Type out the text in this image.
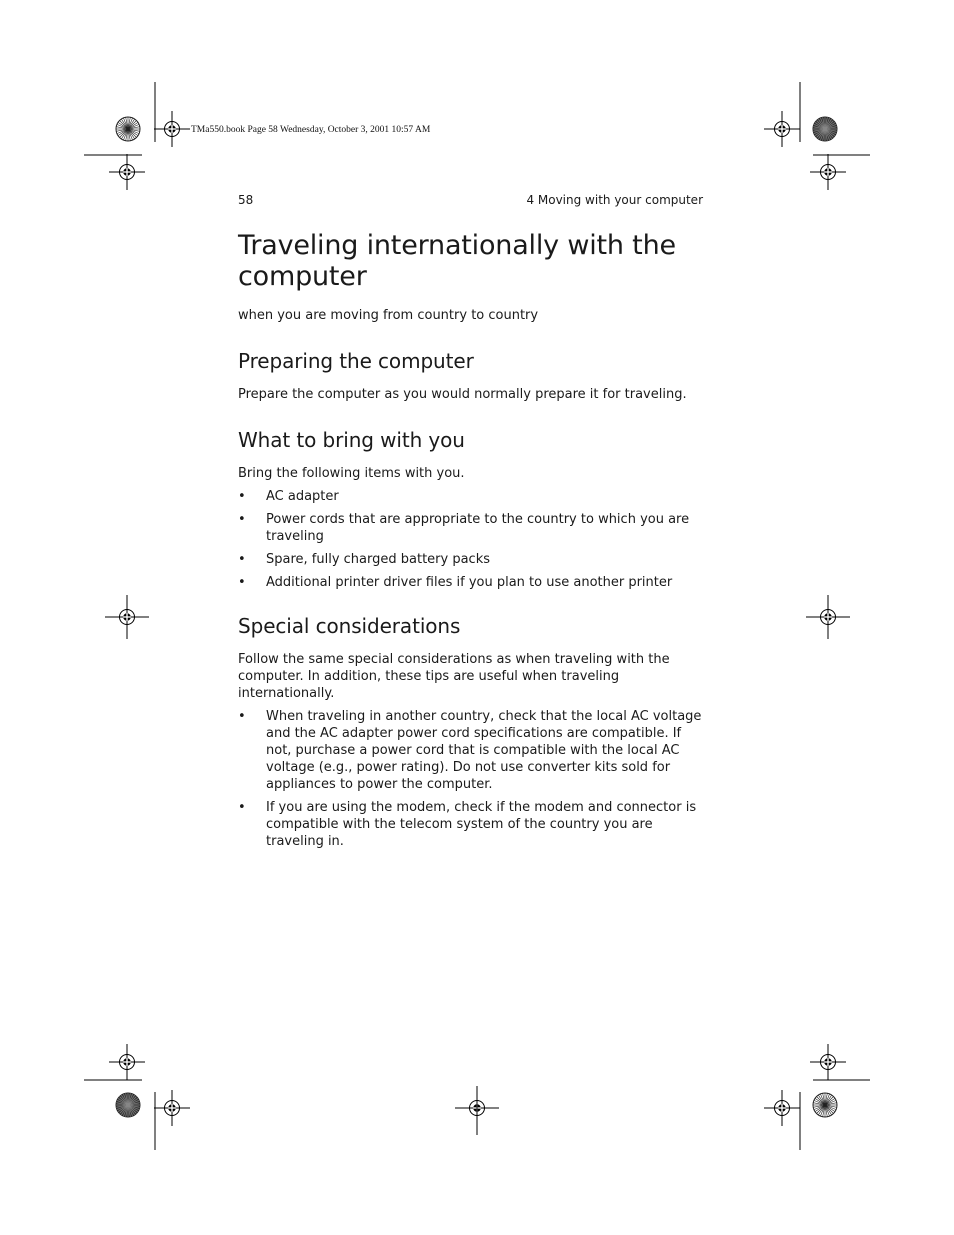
TMa550.book Page 58 Wednesday, October 3, 2001 10:57 AM
58	4 Moving with your computer
Traveling internationally with the computer

when you are moving from country to country

Preparing the computer

Prepare the computer as you would normally prepare it for traveling.

What to bring with you

Bring the following items with you.

• AC adapter
• Power cords that are appropriate to the country to which you are traveling
• Spare, fully charged battery packs
• Additional printer driver files if you plan to use another printer
Special considerations

Follow the same special considerations as when traveling with the computer. In addition, these tips are useful when traveling internationally.

• When traveling in another country, check that the local AC voltage and the AC adapter power cord specifications are compatible. If not, purchase a power cord that is compatible with the local AC voltage (e.g., power rating). Do not use converter kits sold for appliances to power the computer.
• If you are using the modem, check if the modem and connector is compatible with the telecom system of the country you are traveling in.
